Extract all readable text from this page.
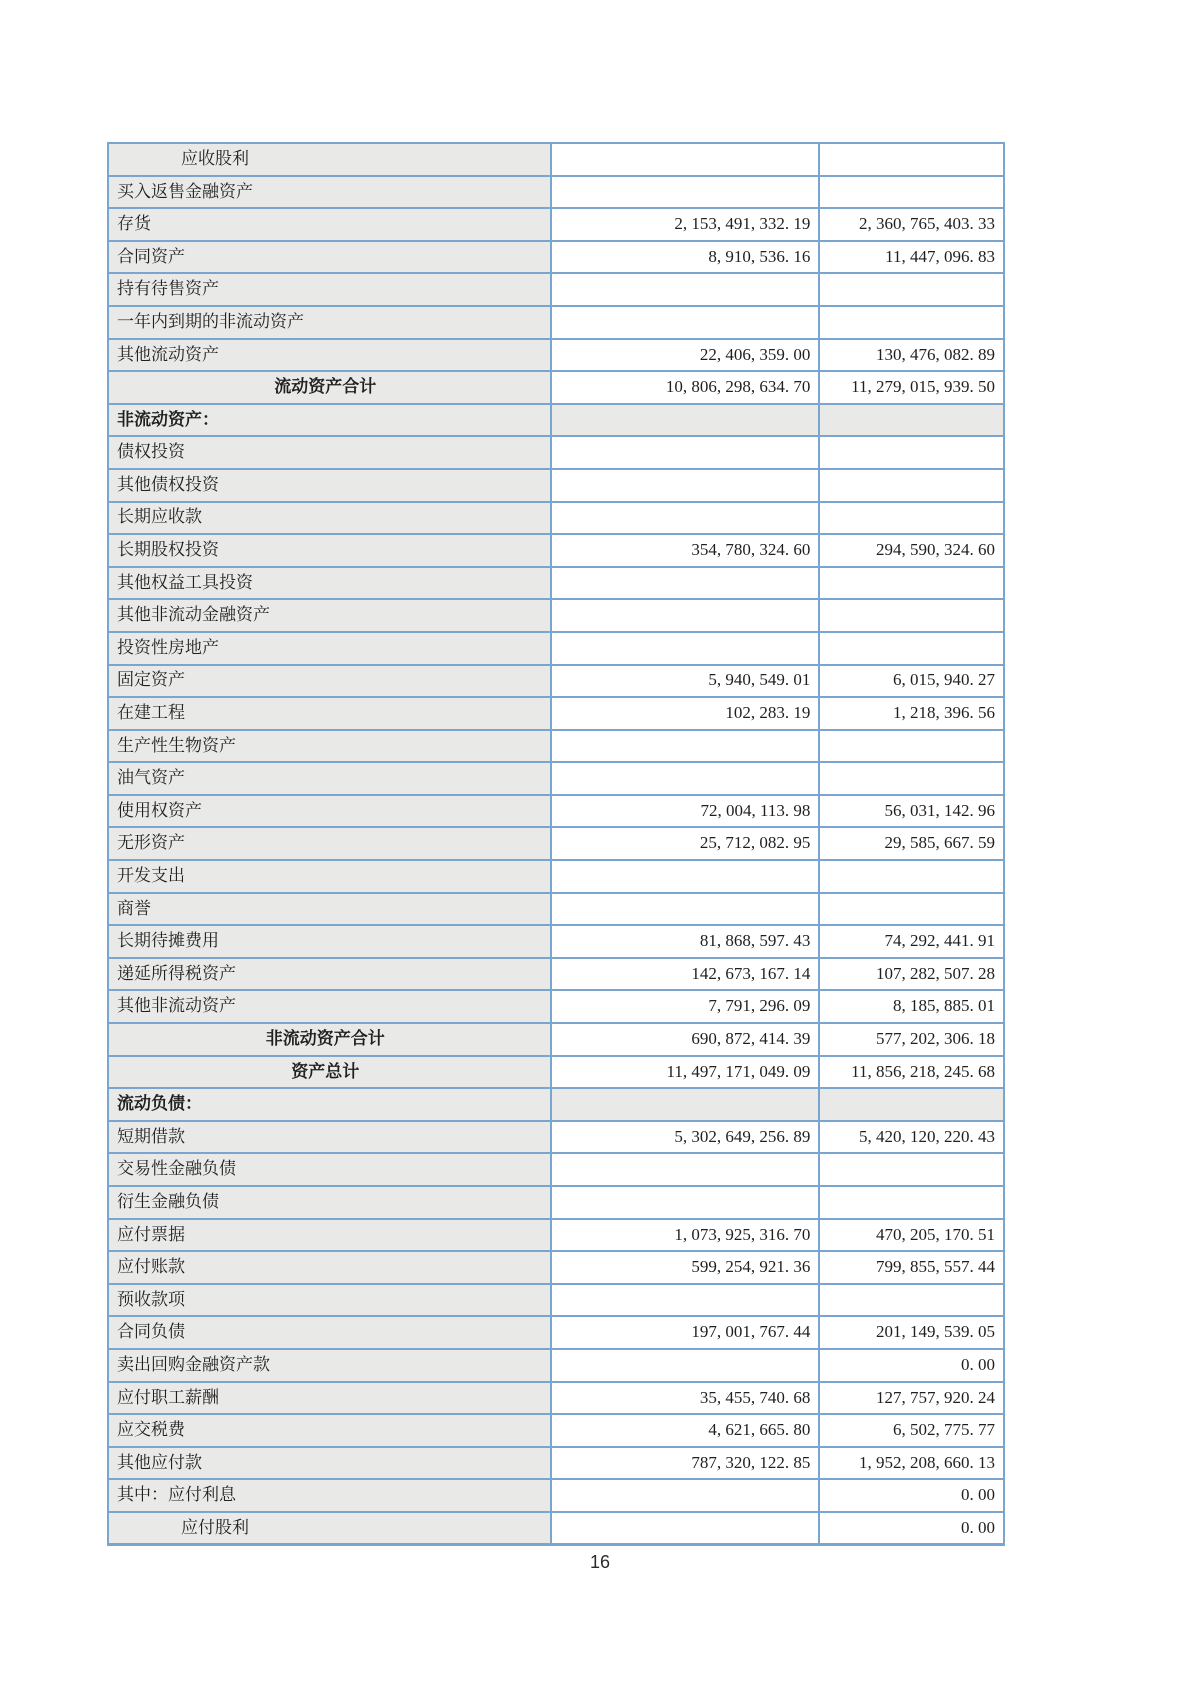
应收股利		
买入返售金融资产		
存货	2, 153, 491, 332. 19	2, 360, 765, 403. 33
合同资产	8, 910, 536. 16	11, 447, 096. 83
持有待售资产		
一年内到期的非流动资产		
其他流动资产	22, 406, 359. 00	130, 476, 082. 89
流动资产合计	10, 806, 298, 634. 70	11, 279, 015, 939. 50
非流动资产：		
债权投资		
其他债权投资		
长期应收款		
长期股权投资	354, 780, 324. 60	294, 590, 324. 60
其他权益工具投资		
其他非流动金融资产		
投资性房地产		
固定资产	5, 940, 549. 01	6, 015, 940. 27
在建工程	102, 283. 19	1, 218, 396. 56
生产性生物资产		
油气资产		
使用权资产	72, 004, 113. 98	56, 031, 142. 96
无形资产	25, 712, 082. 95	29, 585, 667. 59
开发支出		
商誉		
长期待摊费用	81, 868, 597. 43	74, 292, 441. 91
递延所得税资产	142, 673, 167. 14	107, 282, 507. 28
其他非流动资产	7, 791, 296. 09	8, 185, 885. 01
非流动资产合计	690, 872, 414. 39	577, 202, 306. 18
资产总计	11, 497, 171, 049. 09	11, 856, 218, 245. 68
流动负债：		
短期借款	5, 302, 649, 256. 89	5, 420, 120, 220. 43
交易性金融负债		
衍生金融负债		
应付票据	1, 073, 925, 316. 70	470, 205, 170. 51
应付账款	599, 254, 921. 36	799, 855, 557. 44
预收款项		
合同负债	197, 001, 767. 44	201, 149, 539. 05
卖出回购金融资产款		0. 00
应付职工薪酬	35, 455, 740. 68	127, 757, 920. 24
应交税费	4, 621, 665. 80	6, 502, 775. 77
其他应付款	787, 320, 122. 85	1, 952, 208, 660. 13
其中：应付利息		0. 00
应付股利		0. 00
16
